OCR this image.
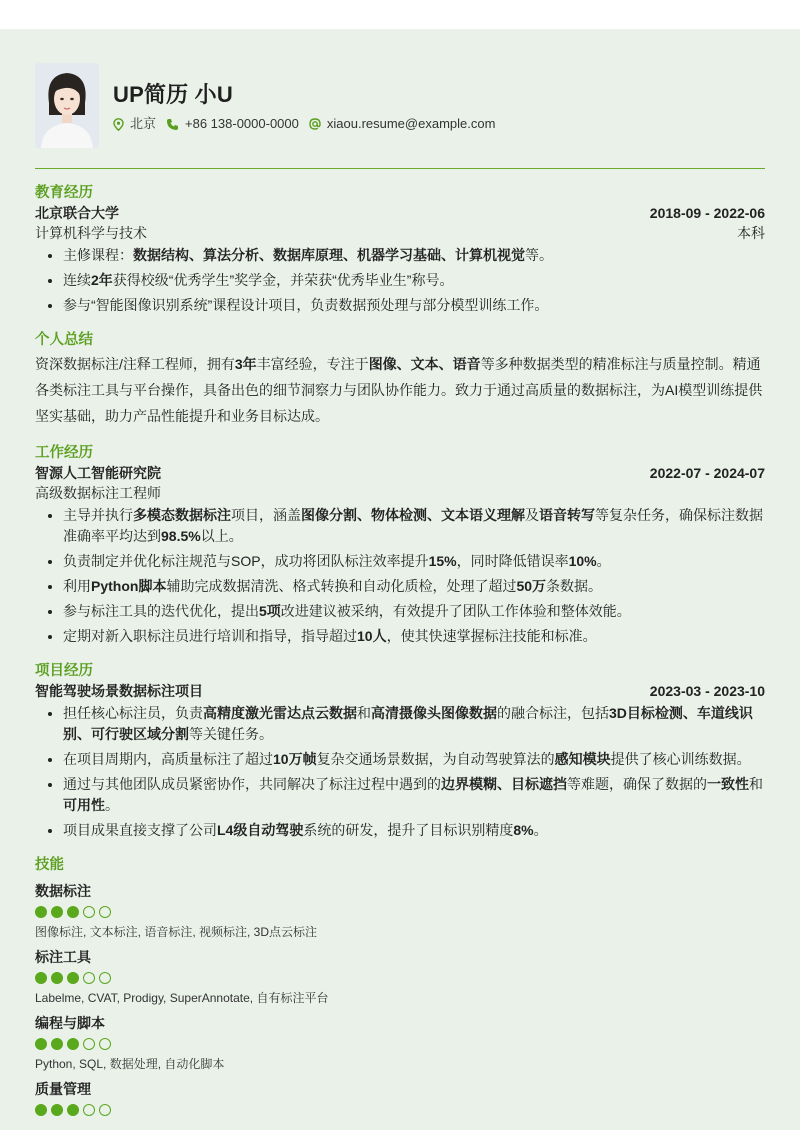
UP简历 小U
北京 +86 138-0000-0000 xiaou.resume@example.com
教育经历
北京联合大学	2018-09 - 2022-06
计算机科学与技术	本科
• 主修课程：数据结构、算法分析、数据库原理、机器学习基础、计算机视觉等。
• 连续2年获得校级“优秀学生”奖学金，并荣获“优秀毕业生”称号。
• 参与“智能图像识别系统”课程设计项目，负责数据预处理与部分模型训练工作。
个人总结
资深数据标注/注释工程师，拥有3年丰富经验，专注于图像、文本、语音等多种数据类型的精准标注与质量控制。精通各类标注工具与平台操作，具备出色的细节洞察力与团队协作能力。致力于通过高质量的数据标注，为AI模型训练提供坚实基础，助力产品性能提升和业务目标达成。
工作经历
智源人工智能研究院	2022-07 - 2024-07
高级数据标注工程师
• 主导并执行多模态数据标注项目，涵盖图像分割、物体检测、文本语义理解及语音转写等复杂任务，确保标注数据准确率平均达到98.5%以上。
• 负责制定并优化标注规范与SOP，成功将团队标注效率提升15%，同时降低错误率10%。
• 利用Python脚本辅助完成数据清洗、格式转换和自动化质检，处理了超过50万条数据。
• 参与标注工具的迭代优化，提出5项改进建议被采纳，有效提升了团队工作体验和整体效能。
• 定期对新入职标注员进行培训和指导，指导超过10人，使其快速掌握标注技能和标准。
项目经历
智能驾驶场景数据标注项目	2023-03 - 2023-10
• 担任核心标注员，负责高精度激光雷达点云数据和高清摄像头图像数据的融合标注，包括3D目标检测、车道线识别、可行驶区域分割等关键任务。
• 在项目周期内，高质量标注了超过10万帧复杂交通场景数据，为自动驾驶算法的感知模块提供了核心训练数据。
• 通过与其他团队成员紧密协作，共同解决了标注过程中遇到的边界模糊、目标遮挡等难题，确保了数据的一致性和可用性。
• 项目成果直接支撑了公司L4级自动驾驶系统的研发，提升了目标识别精度8%。
技能
数据标注
图像标注, 文本标注, 语音标注, 视频标注, 3D点云标注
标注工具
Labelme, CVAT, Prodigy, SuperAnnotate, 自有标注平台
编程与脚本
Python, SQL, 数据处理, 自动化脚本
质量管理
